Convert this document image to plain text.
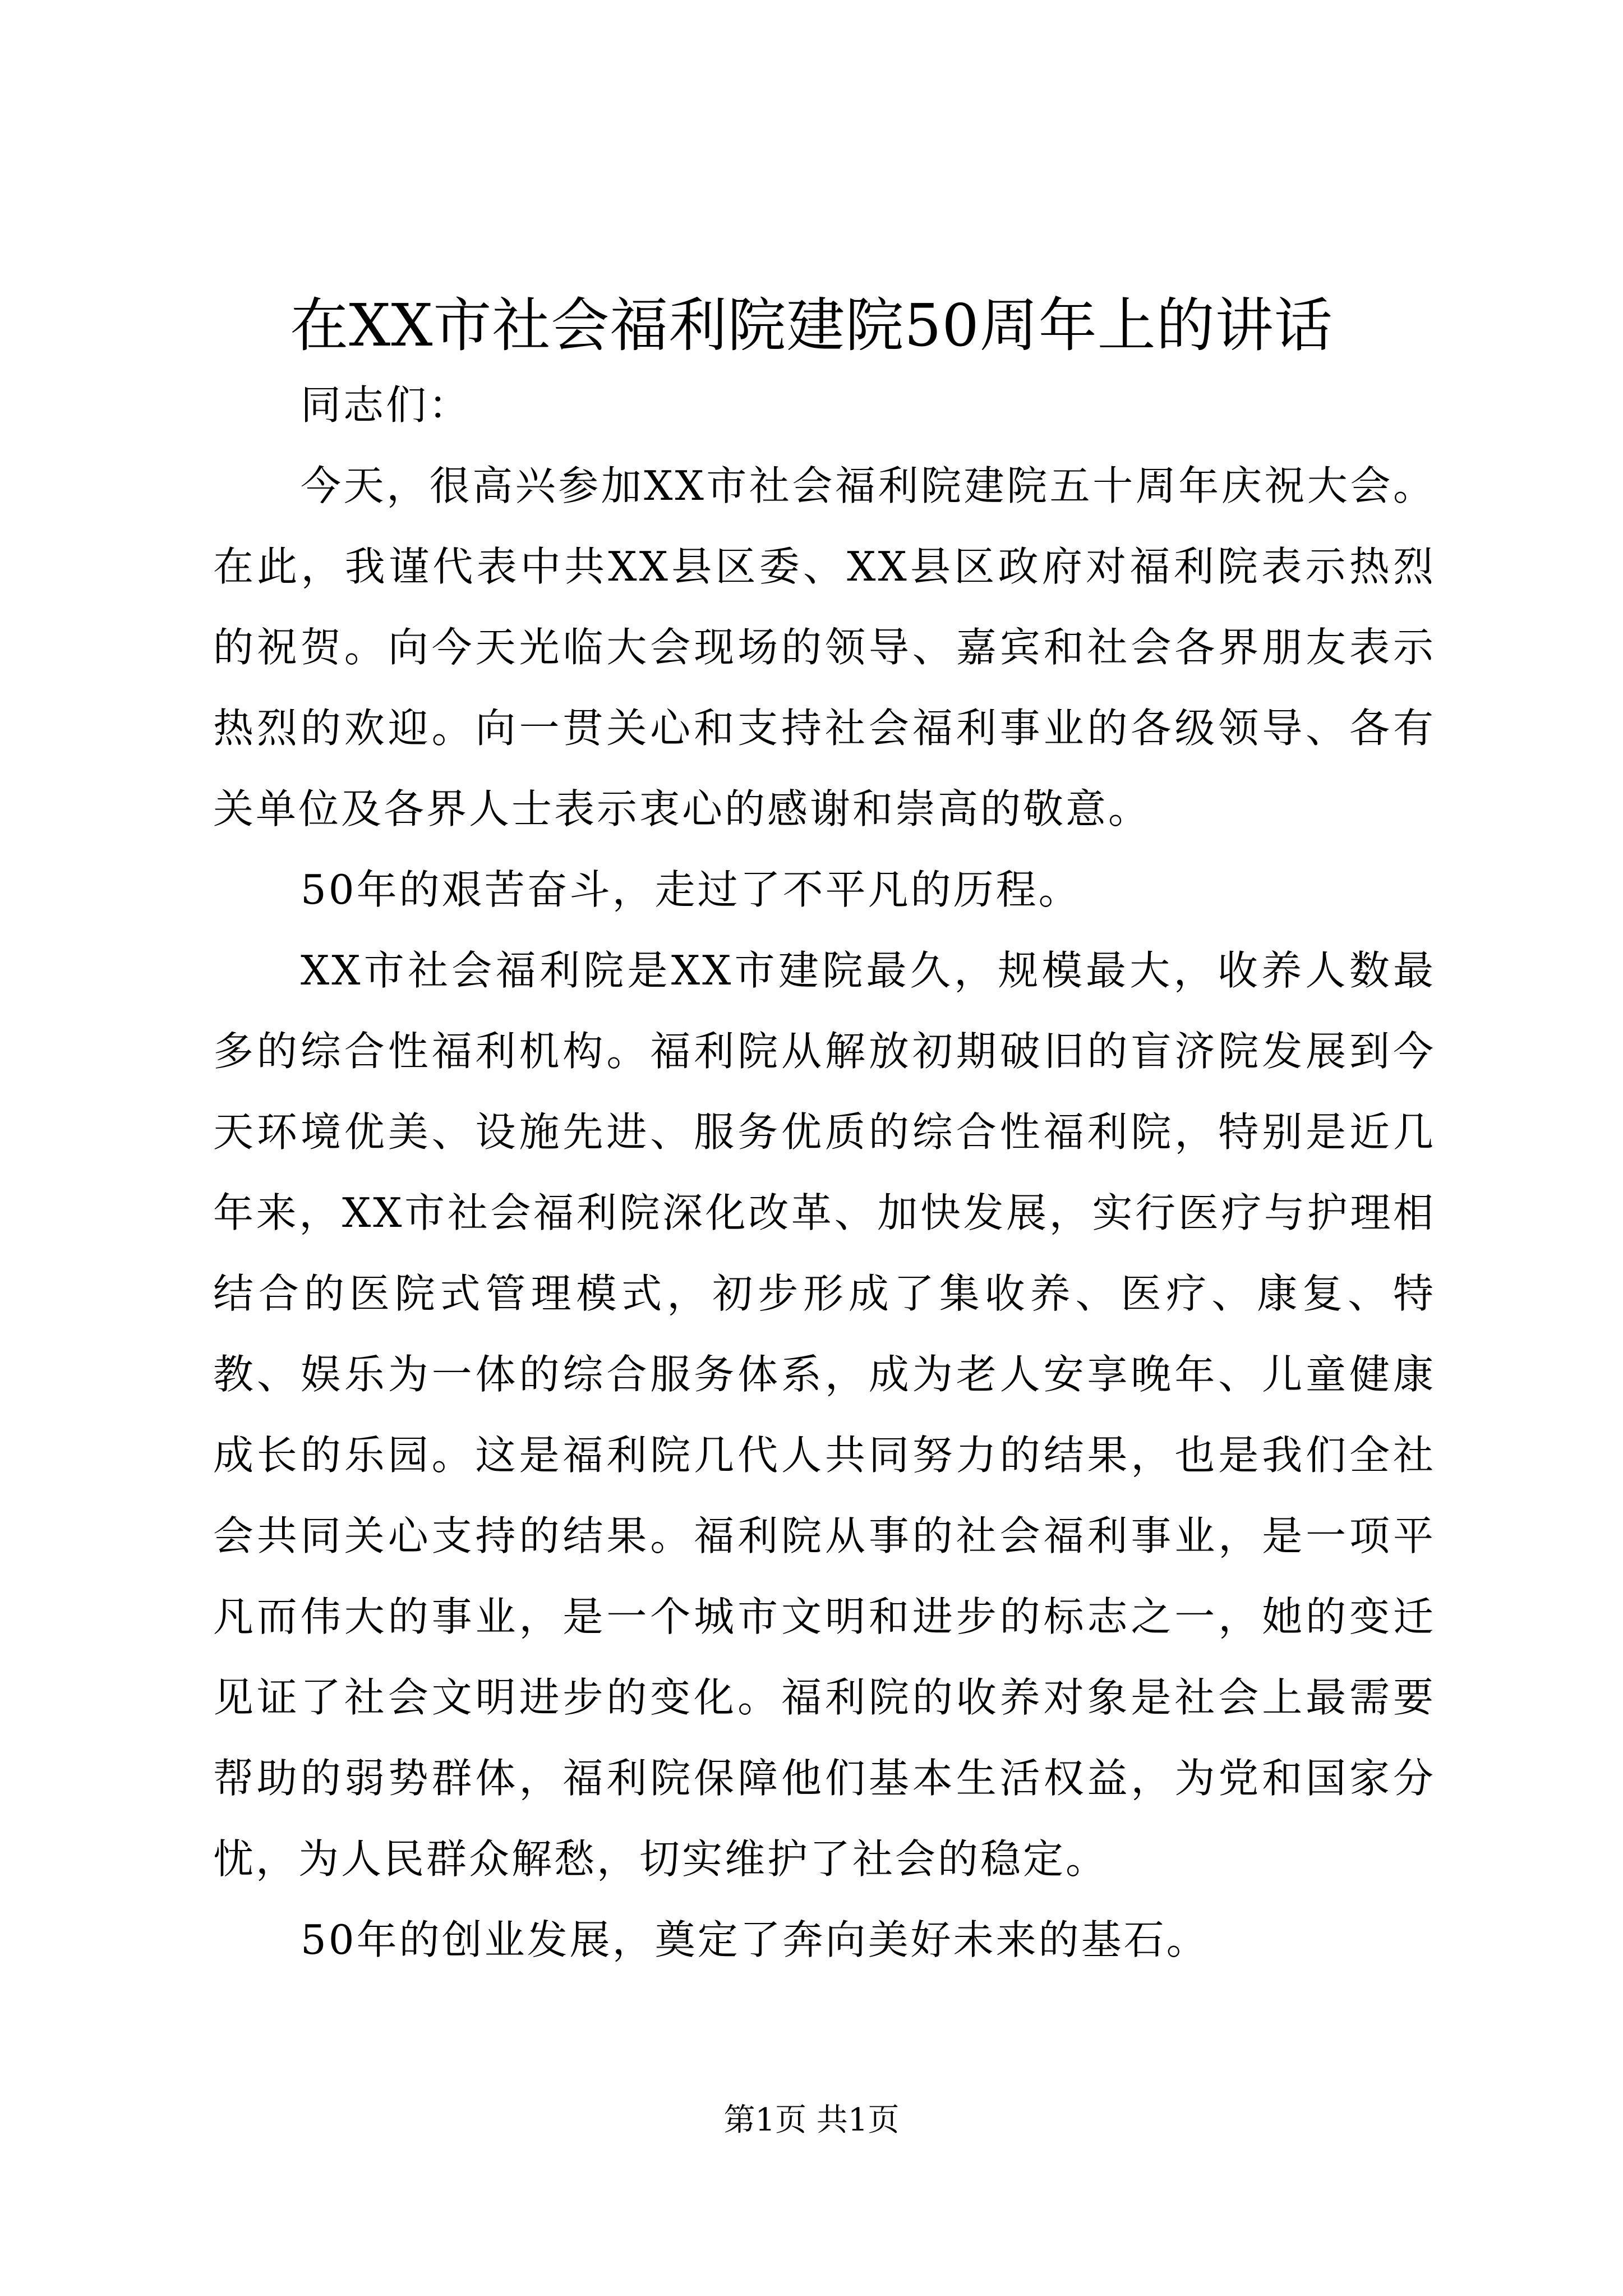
在XX市社会福利院建院50周年上的讲话

同志们：

今天，很高兴参加XX市社会福利院建院五十周年庆祝大会。在此，我谨代表中共XX县区委、XX县区政府对福利院表示热烈的祝贺。向今天光临大会现场的领导、嘉宾和社会各界朋友表示热烈的欢迎。向一贯关心和支持社会福利事业的各级领导、各有关单位及各界人士表示衷心的感谢和崇高的敬意。

50年的艰苦奋斗，走过了不平凡的历程。

XX市社会福利院是XX市建院最久，规模最大，收养人数最多的综合性福利机构。福利院从解放初期破旧的盲济院发展到今天环境优美、设施先进、服务优质的综合性福利院，特别是近几年来，XX市社会福利院深化改革、加快发展，实行医疗与护理相结合的医院式管理模式，初步形成了集收养、医疗、康复、特教、娱乐为一体的综合服务体系，成为老人安享晚年、儿童健康成长的乐园。这是福利院几代人共同努力的结果，也是我们全社会共同关心支持的结果。福利院从事的社会福利事业，是一项平凡而伟大的事业，是一个城市文明和进步的标志之一，她的变迁见证了社会文明进步的变化。福利院的收养对象是社会上最需要帮助的弱势群体，福利院保障他们基本生活权益，为党和国家分忧，为人民群众解愁，切实维护了社会的稳定。

50年的创业发展，奠定了奔向美好未来的基石。

第1页 共1页
